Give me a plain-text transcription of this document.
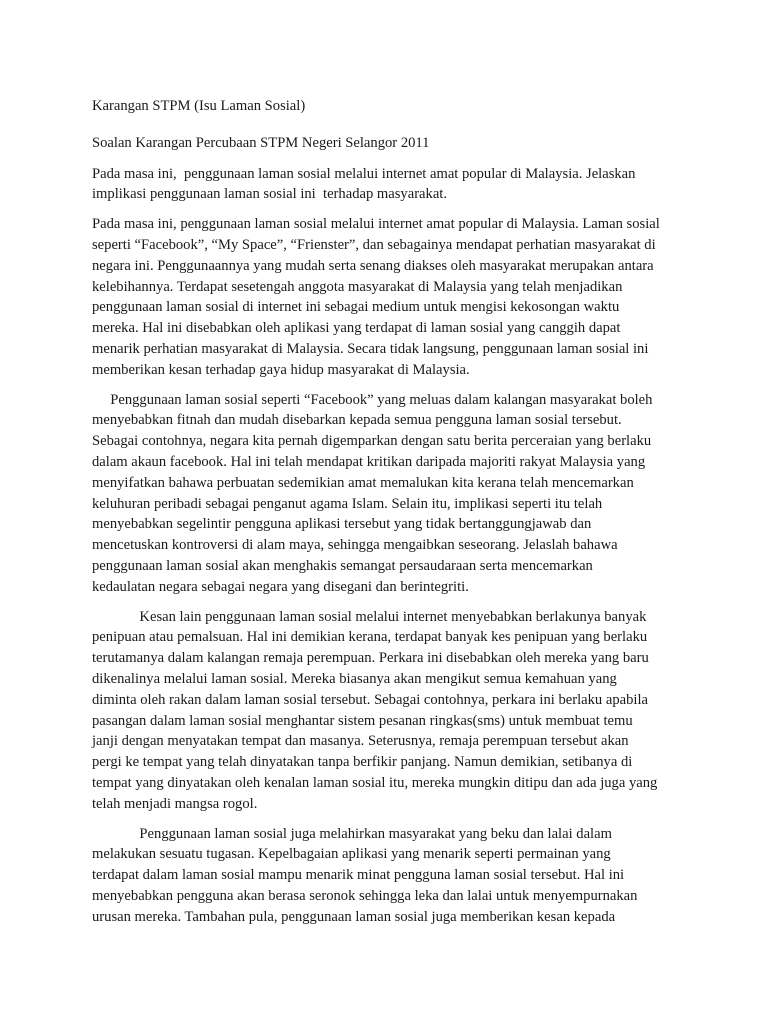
Karangan STPM (Isu Laman Sosial)
Soalan Karangan Percubaan STPM Negeri Selangor 2011
Pada masa ini,  penggunaan laman sosial melalui internet amat popular di Malaysia. Jelaskan
implikasi penggunaan laman sosial ini  terhadap masyarakat.
Pada masa ini, penggunaan laman sosial melalui internet amat popular di Malaysia. Laman sosial
seperti “Facebook”, “My Space”, “Frienster”, dan sebagainya mendapat perhatian masyarakat di
negara ini. Penggunaannya yang mudah serta senang diakses oleh masyarakat merupakan antara
kelebihannya. Terdapat sesetengah anggota masyarakat di Malaysia yang telah menjadikan
penggunaan laman sosial di internet ini sebagai medium untuk mengisi kekosongan waktu
mereka. Hal ini disebabkan oleh aplikasi yang terdapat di laman sosial yang canggih dapat
menarik perhatian masyarakat di Malaysia. Secara tidak langsung, penggunaan laman sosial ini
memberikan kesan terhadap gaya hidup masyarakat di Malaysia.
Penggunaan laman sosial seperti “Facebook” yang meluas dalam kalangan masyarakat boleh
menyebabkan fitnah dan mudah disebarkan kepada semua pengguna laman sosial tersebut.
Sebagai contohnya, negara kita pernah digemparkan dengan satu berita perceraian yang berlaku
dalam akaun facebook. Hal ini telah mendapat kritikan daripada majoriti rakyat Malaysia yang
menyifatkan bahawa perbuatan sedemikian amat memalukan kita kerana telah mencemarkan
keluhuran peribadi sebagai penganut agama Islam. Selain itu, implikasi seperti itu telah
menyebabkan segelintir pengguna aplikasi tersebut yang tidak bertanggungjawab dan
mencetuskan kontroversi di alam maya, sehingga mengaibkan seseorang. Jelaslah bahawa
penggunaan laman sosial akan menghakis semangat persaudaraan serta mencemarkan
kedaulatan negara sebagai negara yang disegani dan berintegriti.
Kesan lain penggunaan laman sosial melalui internet menyebabkan berlakunya banyak
penipuan atau pemalsuan. Hal ini demikian kerana, terdapat banyak kes penipuan yang berlaku
terutamanya dalam kalangan remaja perempuan. Perkara ini disebabkan oleh mereka yang baru
dikenalinya melalui laman sosial. Mereka biasanya akan mengikut semua kemahuan yang
diminta oleh rakan dalam laman sosial tersebut. Sebagai contohnya, perkara ini berlaku apabila
pasangan dalam laman sosial menghantar sistem pesanan ringkas(sms) untuk membuat temu
janji dengan menyatakan tempat dan masanya. Seterusnya, remaja perempuan tersebut akan
pergi ke tempat yang telah dinyatakan tanpa berfikir panjang. Namun demikian, setibanya di
tempat yang dinyatakan oleh kenalan laman sosial itu, mereka mungkin ditipu dan ada juga yang
telah menjadi mangsa rogol.
Penggunaan laman sosial juga melahirkan masyarakat yang beku dan lalai dalam
melakukan sesuatu tugasan. Kepelbagaian aplikasi yang menarik seperti permainan yang
terdapat dalam laman sosial mampu menarik minat pengguna laman sosial tersebut. Hal ini
menyebabkan pengguna akan berasa seronok sehingga leka dan lalai untuk menyempurnakan
urusan mereka. Tambahan pula, penggunaan laman sosial juga memberikan kesan kepada
